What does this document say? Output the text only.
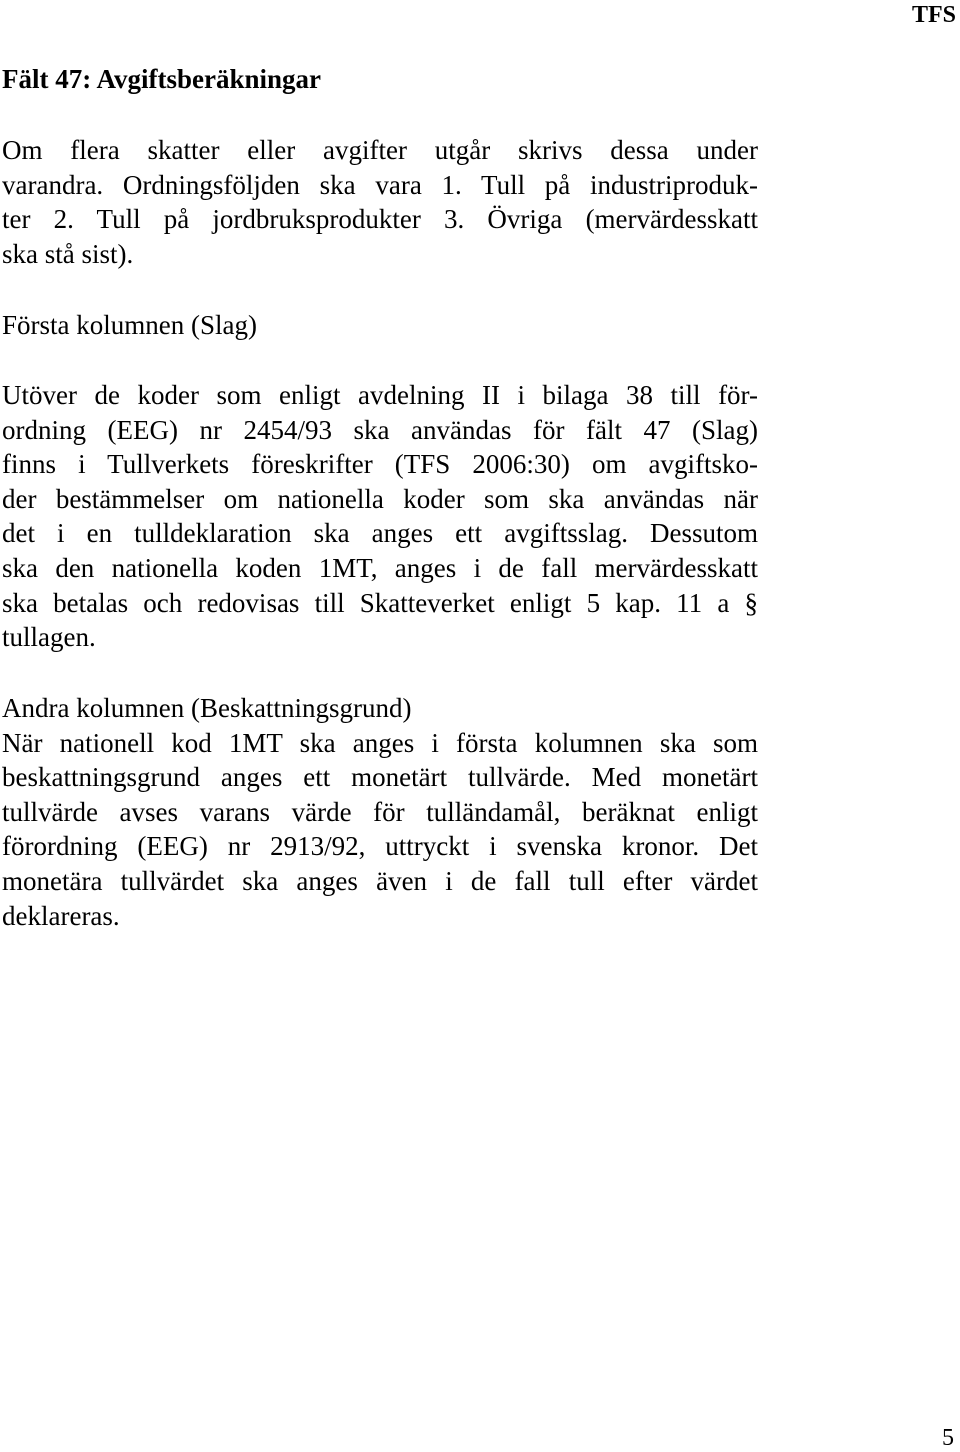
TFS
Fält 47: Avgiftsberäkningar
Om flera skatter eller avgifter utgår skrivs dessa under
varandra. Ordningsföljden ska vara 1. Tull på industriproduk-
ter 2. Tull på jordbruksprodukter 3. Övriga (mervärdesskatt
ska stå sist).
Första kolumnen (Slag)
Utöver de koder som enligt avdelning II i bilaga 38 till för-
ordning (EEG) nr 2454/93 ska användas för fält 47 (Slag)
finns i Tullverkets föreskrifter (TFS 2006:30) om avgiftsko-
der bestämmelser om nationella koder som ska användas när
det i en tulldeklaration ska anges ett avgiftsslag. Dessutom
ska den nationella koden 1MT, anges i de fall mervärdesskatt
ska betalas och redovisas till Skatteverket enligt 5 kap. 11 a §
tullagen.
Andra kolumnen (Beskattningsgrund)
När nationell kod 1MT ska anges i första kolumnen ska som
beskattningsgrund anges ett monetärt tullvärde. Med monetärt
tullvärde avses varans värde för tulländamål, beräknat enligt
förordning (EEG) nr 2913/92, uttryckt i svenska kronor. Det
monetära tullvärdet ska anges även i de fall tull efter värdet
deklareras.
5
